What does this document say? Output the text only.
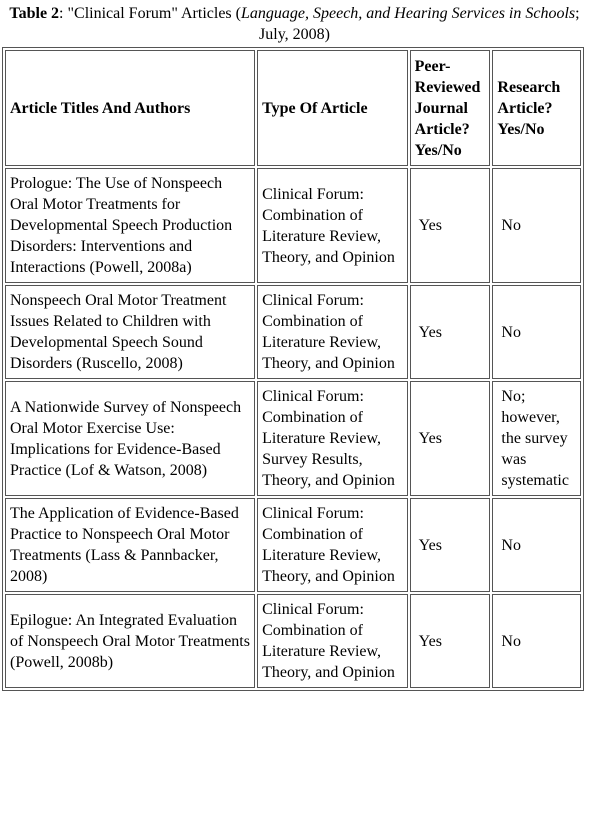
Table 2: "Clinical Forum" Articles (Language, Speech, and Hearing Services in Schools; July, 2008)
Article Titles And Authors	Type Of Article	Peer-Reviewed Journal Article? Yes/No	Research Article? Yes/No
Prologue: The Use of Nonspeech Oral Motor Treatments for Developmental Speech Production Disorders: Interventions and Interactions (Powell, 2008a)	Clinical Forum: Combination of Literature Review, Theory, and Opinion	Yes	No
Nonspeech Oral Motor Treatment Issues Related to Children with Developmental Speech Sound Disorders (Ruscello, 2008)	Clinical Forum: Combination of Literature Review, Theory, and Opinion	Yes	No
A Nationwide Survey of Nonspeech Oral Motor Exercise Use: Implications for Evidence-Based Practice (Lof & Watson, 2008)	Clinical Forum: Combination of Literature Review, Survey Results, Theory, and Opinion	Yes	No; however, the survey was systematic
The Application of Evidence-Based Practice to Nonspeech Oral Motor Treatments (Lass & Pannbacker, 2008)	Clinical Forum: Combination of Literature Review, Theory, and Opinion	Yes	No
Epilogue: An Integrated Evaluation of Nonspeech Oral Motor Treatments (Powell, 2008b)	Clinical Forum: Combination of Literature Review, Theory, and Opinion	Yes	No
